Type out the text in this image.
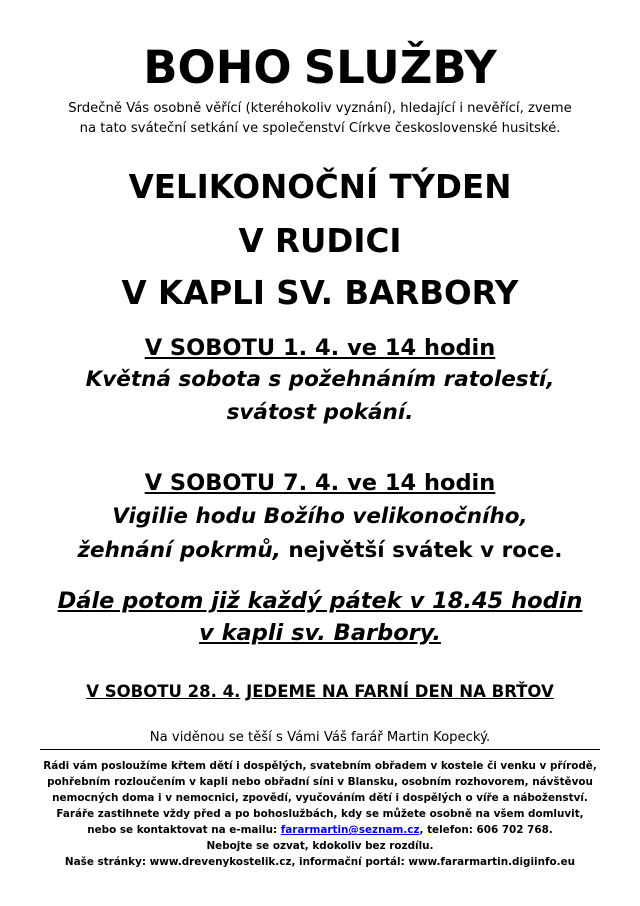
BOHO SLUŽBY
Srdečně Vás osobně věřící (kteréhokoliv vyznání), hledající i nevěřící, zveme
na tato sváteční setkání ve společenství Církve československé husitské.
VELIKONOČNÍ TÝDEN
V RUDICI
V KAPLI SV. BARBORY
V SOBOTU 1. 4. ve 14 hodin
Květná sobota s požehnáním ratolestí,
svátost pokání.
V SOBOTU 7. 4. ve 14 hodin
Vigilie hodu Božího velikonočního,
žehnání pokrmů, největší svátek v roce.
Dále potom již každý pátek v 18.45 hodin
v kapli sv. Barbory.
V SOBOTU 28. 4. JEDEME NA FARNÍ DEN NA BRŤOV
Na viděnou se těší s Vámi Váš farář Martin Kopecký.
Rádi vám posloužíme křtem dětí i dospělých, svatebním obřadem v kostele či venku v přírodě,
pohřebním rozloučením v kapli nebo obřadní síni v Blansku, osobním rozhovorem, návštěvou
nemocných doma i v nemocnici, zpovědí, vyučováním dětí i dospělých o víře a náboženství.
Faráře zastihnete vždy před a po bohoslužbách, kdy se můžete osobně na všem domluvit,
nebo se kontaktovat na e-mailu: fararmartin@seznam.cz, telefon: 606 702 768.
Nebojte se ozvat, kdokoliv bez rozdílu.
Naše stránky: www.drevenykostelik.cz, informační portál: www.fararmartin.digiinfo.eu
